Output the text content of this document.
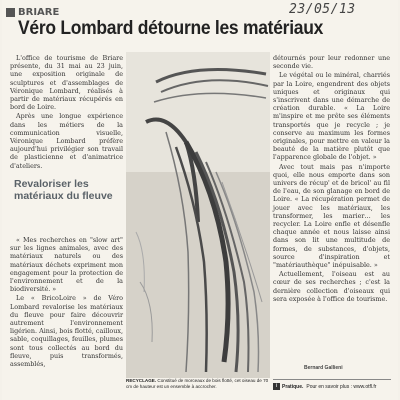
BRIARE	23/05/13
Véro Lombard détourne les matériaux

L'office de tourisme de Briare présente, du 31 mai au 23 juin, une exposition originale de sculptures et d'assemblages de Véronique Lombard, réalisés à partir de matériaux récupérés en bord de Loire.

Après une longue expérience dans les métiers de la communication visuelle, Véronique Lombard préfère aujourd'hui privilégier son travail de plasticienne et d'animatrice d'ateliers.

Revaloriser les matériaux du fleuve

« Mes recherches en "slow art" sur les lignes animales, avec des matériaux naturels ou des matériaux déchets expriment mon engagement pour la protection de l'environnement et de la biodiversité. »

Le « BricoLoire » de Véro Lombard revalorise les matériaux du fleuve pour faire découvrir autrement l'environnement ligérien. Ainsi, bois flotté, cailloux, sable, coquillages, feuilles, plumes sont tous collectés au bord du fleuve, puis transformés, assemblés,

RECYCLAGE. Constitué de morceaux de bois flotté, cet oiseau de 70 cm de hauteur est un ensemble à accrocher.

détournés pour leur redonner une seconde vie.

Le végétal ou le minéral, charriés par la Loire, engendrent des objets uniques et originaux qui s'inscrivent dans une démarche de création durable. « La Loire m'inspire et me prête ses éléments transportés que je recycle ; je conserve au maximum les formes originales, pour mettre en valeur la beauté de la matière plutôt que l'apparence globale de l'objet. »

Avec tout mais pas n'importe quoi, elle nous emporte dans son univers de récup' et de bricol' au fil de l'eau, de son glanage en bord de Loire. « La récupération permet de jouer avec les matériaux, les transformer, les marier… les recycler. La Loire enfle et désenfle chaque année et nous laisse ainsi dans son lit une multitude de formes, de substances, d'objets, source d'inspiration et "matériauthèque" inépuisable. »

Actuellement, l'oiseau est au cœur de ses recherches ; c'est la dernière collection d'oiseaux qui sera exposée à l'office de tourisme.

Bernard Gallieni
i Pratique. Pour en savoir plus : www.otfl.fr
